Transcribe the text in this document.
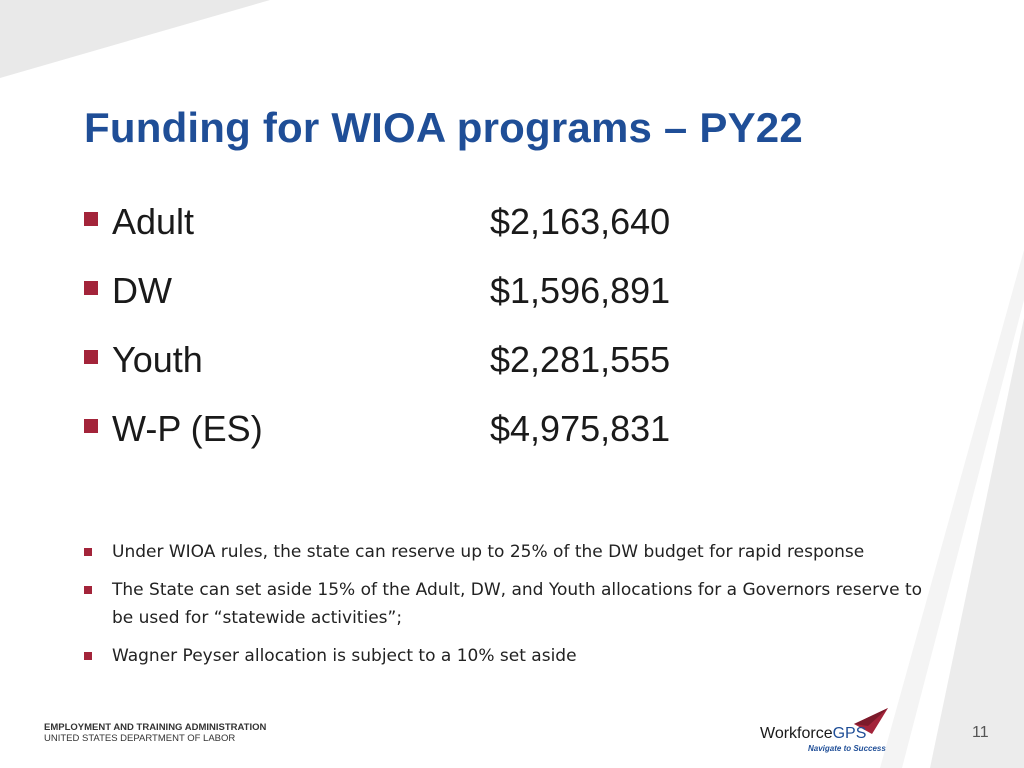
Funding for WIOA programs – PY22
Adult	$2,163,640
DW	$1,596,891
Youth	$2,281,555
W-P (ES)	$4,975,831
Under WIOA rules, the state can reserve up to 25% of the DW budget for rapid response
The State can set aside 15% of the Adult, DW, and Youth allocations for a Governors reserve to be used for “statewide activities”;
Wagner Peyser allocation is subject to a 10% set aside
EMPLOYMENT AND TRAINING ADMINISTRATION
UNITED STATES DEPARTMENT OF LABOR	WorkforceGPS
Navigate to Success
11
